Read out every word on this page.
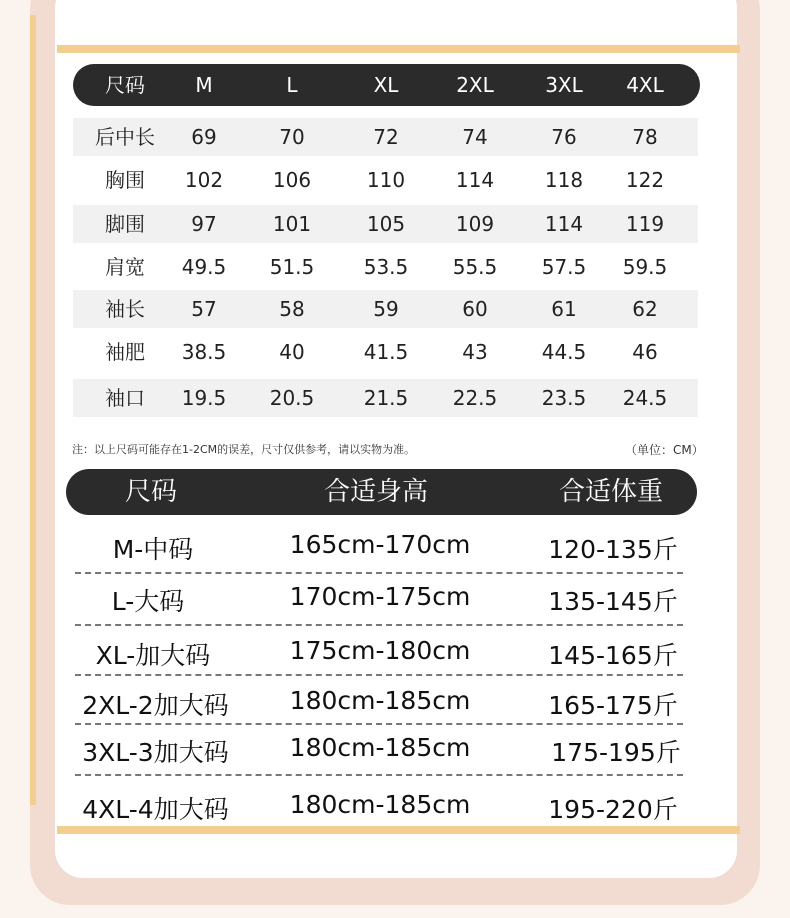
尺码	M	L	XL	2XL	3XL	4XL
后中长	69	70	72	74	76	78
胸围	102	106	110	114	118	122
脚围	97	101	105	109	114	119
肩宽	49.5	51.5	53.5	55.5	57.5	59.5
袖长	57	58	59	60	61	62
袖肥	38.5	40	41.5	43	44.5	46
袖口	19.5	20.5	21.5	22.5	23.5	24.5
注：以上尺码可能存在1-2CM的误差，尺寸仅供参考，请以实物为准。	（单位：CM）
尺码	合适身高	合适体重
M-中码	165cm-170cm	120-135斤
L-大码	170cm-175cm	135-145斤
XL-加大码	175cm-180cm	145-165斤
2XL-2加大码	180cm-185cm	165-175斤
3XL-3加大码	180cm-185cm	175-195斤
4XL-4加大码	180cm-185cm	195-220斤
